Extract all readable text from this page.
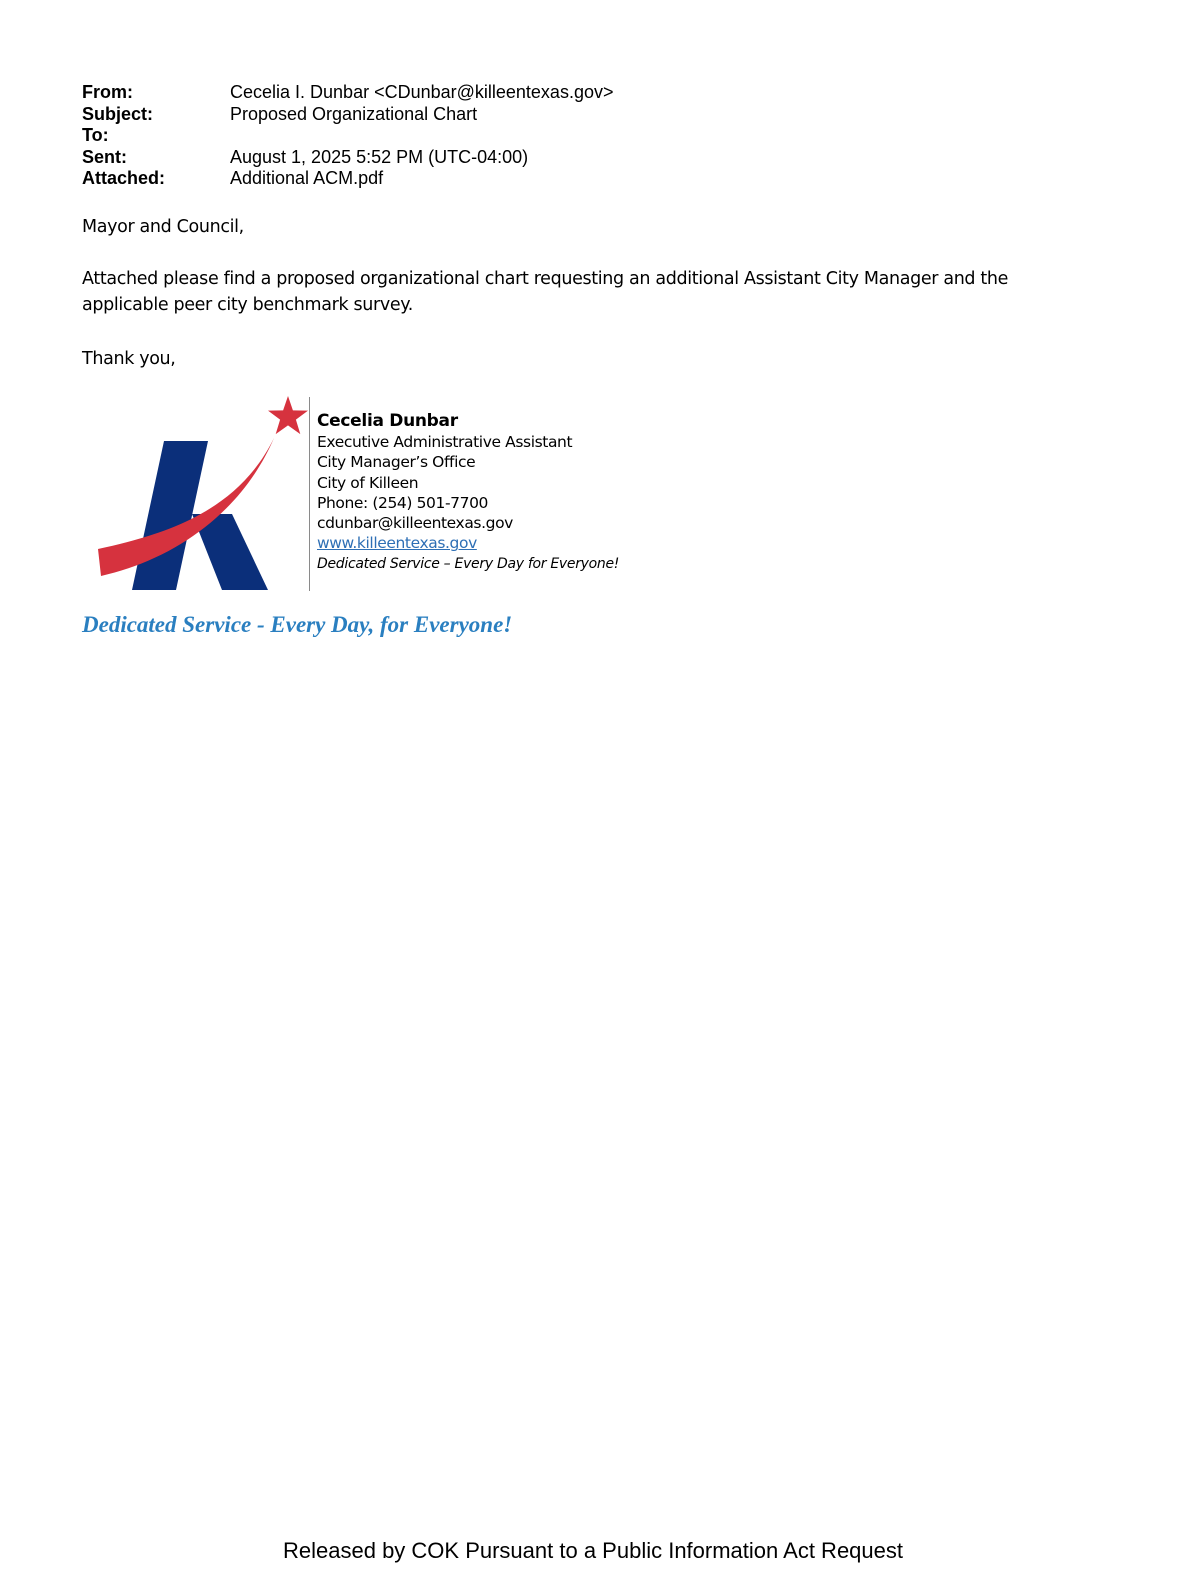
From:	Cecelia I. Dunbar <CDunbar@killeentexas.gov>
Subject:	Proposed Organizational Chart
To:
Sent:	August 1, 2025 5:52 PM (UTC-04:00)
Attached:	Additional ACM.pdf
Mayor and Council,
Attached please find a proposed organizational chart requesting an additional Assistant City Manager and the
applicable peer city benchmark survey.
Thank you,
Cecelia Dunbar
Executive Administrative Assistant
City Manager’s Office
City of Killeen
Phone: (254) 501-7700
cdunbar@killeentexas.gov
www.killeentexas.gov
Dedicated Service – Every Day for Everyone!
Dedicated Service - Every Day, for Everyone!
Released by COK Pursuant to a Public Information Act Request
